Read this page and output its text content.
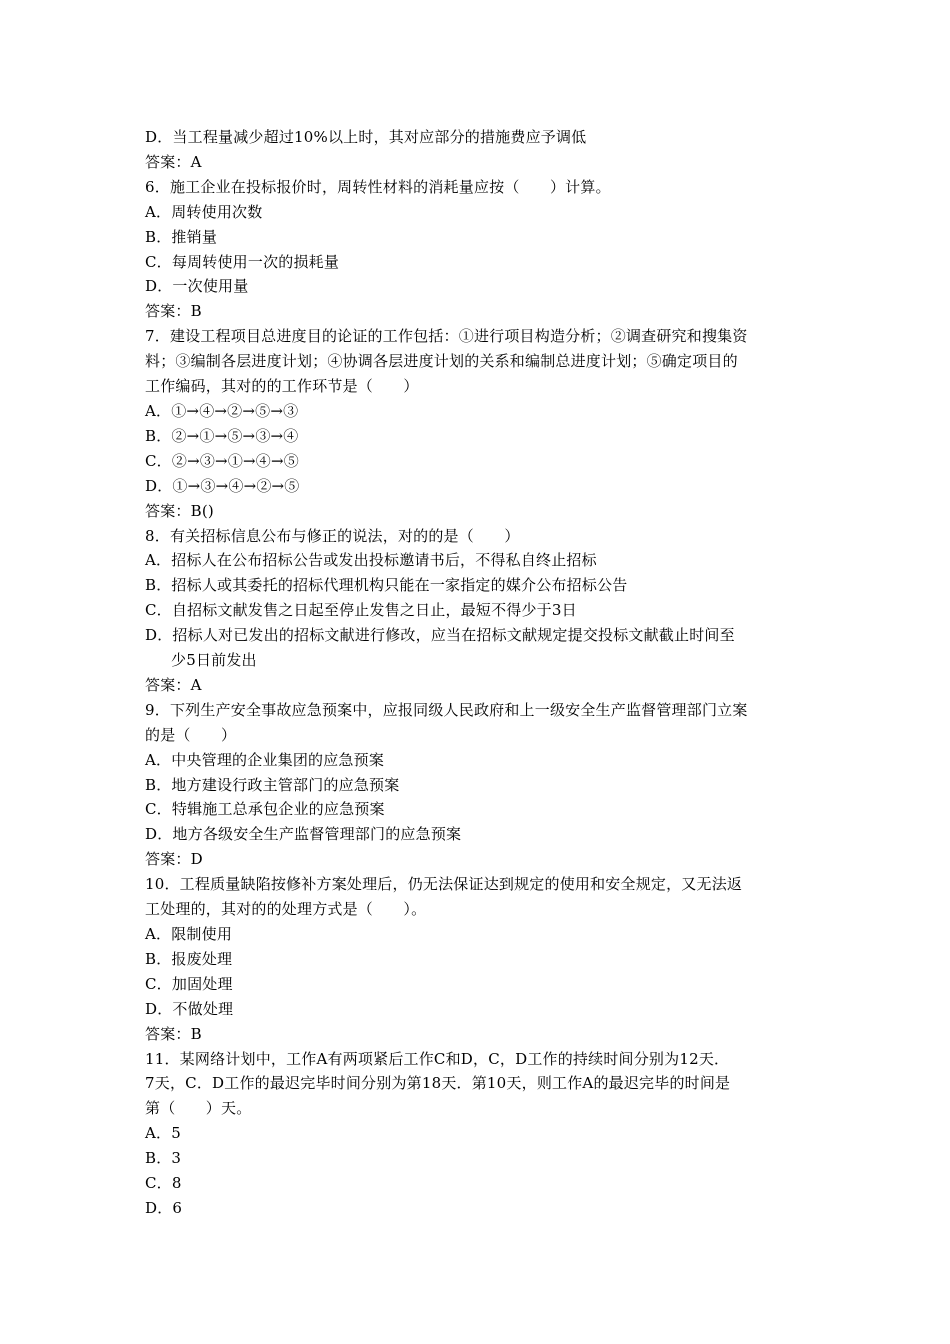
D．当工程量减少超过10%以上时，其对应部分的措施费应予调低
答案：A
6．施工企业在投标报价时，周转性材料的消耗量应按（　　）计算。
A．周转使用次数
B．推销量
C．每周转使用一次的损耗量
D．一次使用量
答案：B
7．建设工程项目总进度目的论证的工作包括：①进行项目构造分析；②调查研究和搜集资
料；③编制各层进度计划；④协调各层进度计划的关系和编制总进度计划；⑤确定项目的
工作编码，其对的的工作环节是（　　）
A．①→④→②→⑤→③
B．②→①→⑤→③→④
C．②→③→①→④→⑤
D．①→③→④→②→⑤
答案：B()
8．有关招标信息公布与修正的说法，对的的是（　　）
A．招标人在公布招标公告或发出投标邀请书后，不得私自终止招标
B．招标人或其委托的招标代理机构只能在一家指定的媒介公布招标公告
C．自招标文献发售之日起至停止发售之日止，最短不得少于3日
D．招标人对已发出的招标文献进行修改，应当在招标文献规定提交投标文献截止时间至
少5日前发出
答案：A
9．下列生产安全事故应急预案中，应报同级人民政府和上一级安全生产监督管理部门立案
的是（　　）
A．中央管理的企业集团的应急预案
B．地方建设行政主管部门的应急预案
C．特辑施工总承包企业的应急预案
D．地方各级安全生产监督管理部门的应急预案
答案：D
10．工程质量缺陷按修补方案处理后，仍无法保证达到规定的使用和安全规定，又无法返
工处理的，其对的的处理方式是（　　）。
A．限制使用
B．报废处理
C．加固处理
D．不做处理
答案：B
11．某网络计划中，工作A有两项紧后工作C和D，C，D工作的持续时间分别为12天．
7天，C．D工作的最迟完毕时间分别为第18天．第10天，则工作A的最迟完毕的时间是
第（　　）天。
A．5
B．3
C．8
D．6
